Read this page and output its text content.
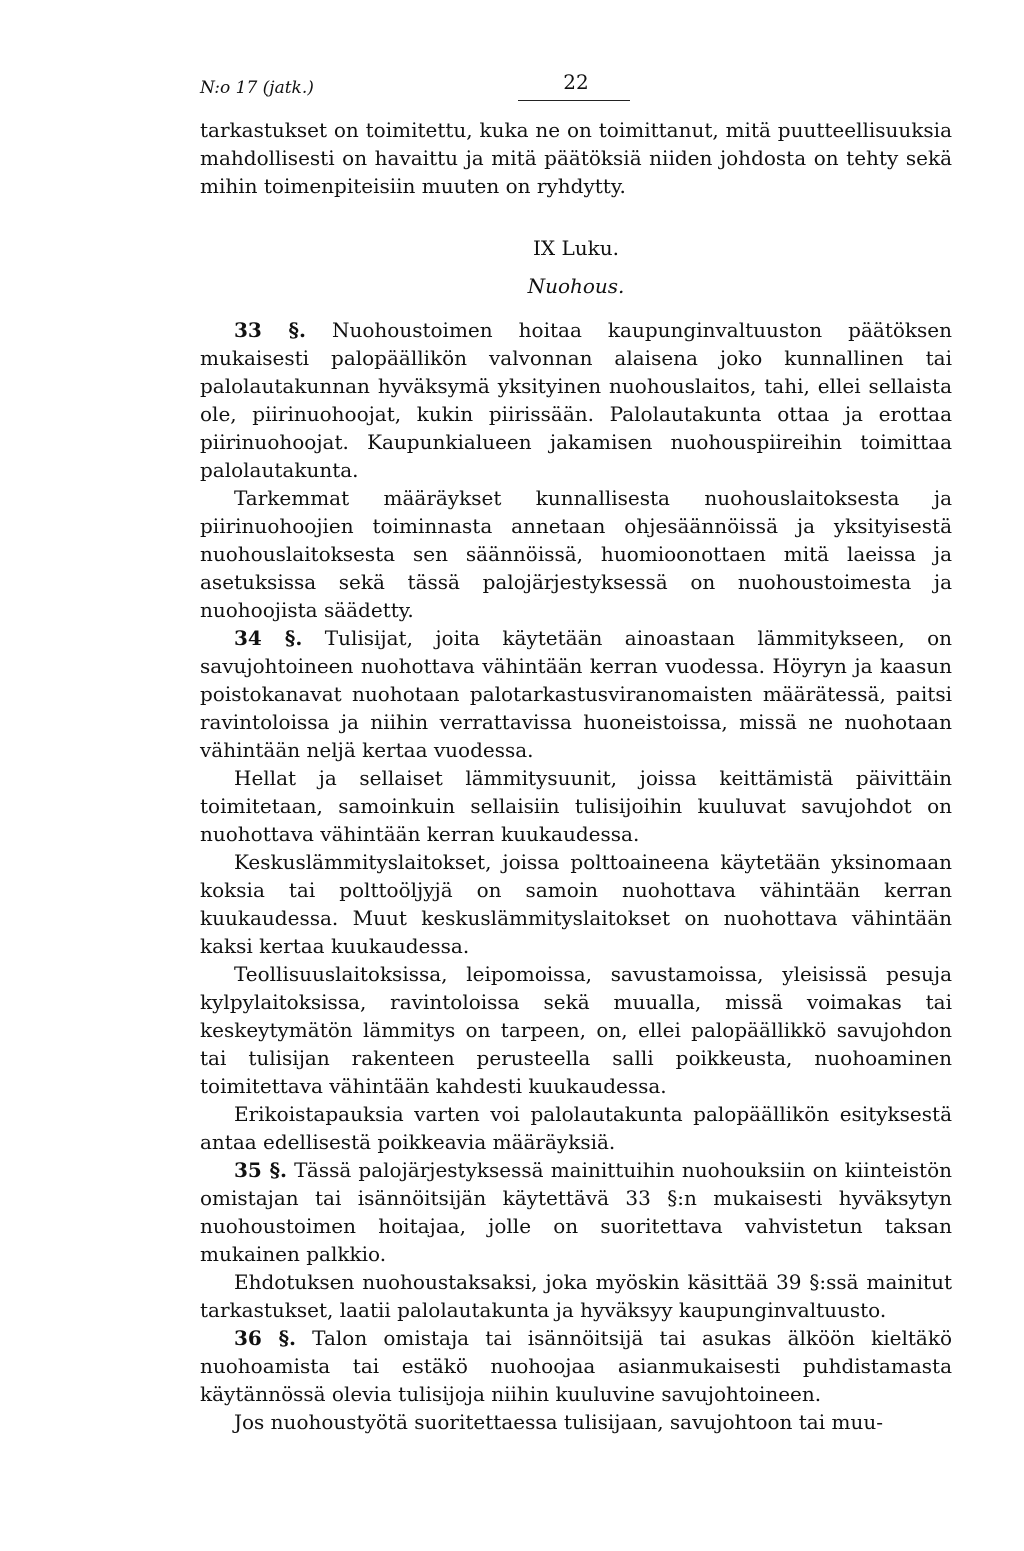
N:o 17 (jatk.)	22

tarkastukset on toimitettu, kuka ne on toimittanut, mitä puutteellisuuksia mahdollisesti on havaittu ja mitä päätöksiä niiden johdosta on tehty sekä mihin toimenpiteisiin muuten on ryhdytty.

IX Luku.
Nuohous.

33 §. Nuohoustoimen hoitaa kaupunginvaltuuston päätöksen mukaisesti palopäällikön valvonnan alaisena joko kunnallinen tai palolautakunnan hyväksymä yksityinen nuohouslaitos, tahi, ellei sellaista ole, piirinuohoojat, kukin piirissään. Palolautakunta ottaa ja erottaa piirinuohoojat. Kaupunkialueen jakamisen nuohouspiireihin toimittaa palolautakunta.

Tarkemmat määräykset kunnallisesta nuohouslaitoksesta ja piirinuohoojien toiminnasta annetaan ohjesäännöissä ja yksityisestä nuohouslaitoksesta sen säännöissä, huomioonottaen mitä laeissa ja asetuksissa sekä tässä palojärjestyksessä on nuohoustoimesta ja nuohoojista säädetty.

34 §. Tulisijat, joita käytetään ainoastaan lämmitykseen, on savujohtoineen nuohottava vähintään kerran vuodessa. Höyryn ja kaasun poistokanavat nuohotaan palotarkastusviranomaisten määrätessä, paitsi ravintoloissa ja niihin verrattavissa huoneistoissa, missä ne nuohotaan vähintään neljä kertaa vuodessa.

Hellat ja sellaiset lämmitysuunit, joissa keittämistä päivittäin toimitetaan, samoinkuin sellaisiin tulisijoihin kuuluvat savujohdot on nuohottava vähintään kerran kuukaudessa.

Keskuslämmityslaitokset, joissa polttoaineena käytetään yksinomaan koksia tai polttoöljyjä on samoin nuohottava vähintään kerran kuukaudessa. Muut keskuslämmityslaitokset on nuohottava vähintään kaksi kertaa kuukaudessa.

Teollisuuslaitoksissa, leipomoissa, savustamoissa, yleisissä pesuja kylpylaitoksissa, ravintoloissa sekä muualla, missä voimakas tai keskeytymätön lämmitys on tarpeen, on, ellei palopäällikkö savujohdon tai tulisijan rakenteen perusteella salli poikkeusta, nuohoaminen toimitettava vähintään kahdesti kuukaudessa.

Erikoistapauksia varten voi palolautakunta palopäällikön esityksestä antaa edellisestä poikkeavia määräyksiä.

35 §. Tässä palojärjestyksessä mainittuihin nuohouksiin on kiinteistön omistajan tai isännöitsijän käytettävä 33 §:n mukaisesti hyväksytyn nuohoustoimen hoitajaa, jolle on suoritettava vahvistetun taksan mukainen palkkio.

Ehdotuksen nuohoustaksaksi, joka myöskin käsittää 39 §:ssä mainitut tarkastukset, laatii palolautakunta ja hyväksyy kaupunginvaltuusto.

36 §. Talon omistaja tai isännöitsijä tai asukas älköön kieltäkö nuohoamista tai estäkö nuohoojaa asianmukaisesti puhdistamasta käytännössä olevia tulisijoja niihin kuuluvine savujohtoineen.

Jos nuohoustyötä suoritettaessa tulisijaan, savujohtoon tai muu-
